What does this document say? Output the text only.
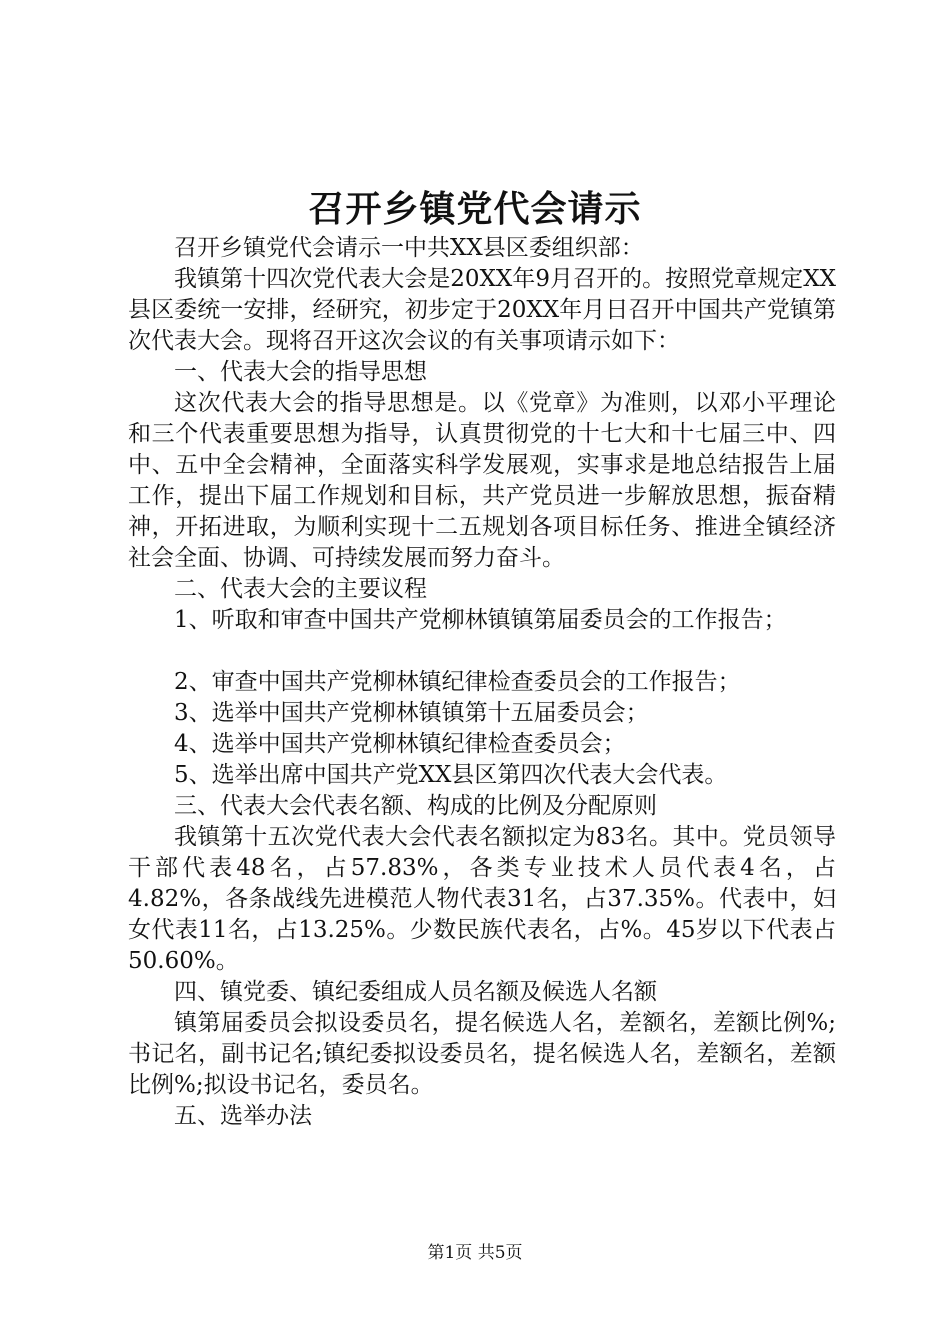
召开乡镇党代会请示

召开乡镇党代会请示一中共XX县区委组织部：

我镇第十四次党代表大会是20XX年9月召开的。按照党章规定XX县区委统一安排，经研究，初步定于20XX年月日召开中国共产党镇第次代表大会。现将召开这次会议的有关事项请示如下：

一、代表大会的指导思想

这次代表大会的指导思想是。以《党章》为准则，以邓小平理论和三个代表重要思想为指导，认真贯彻党的十七大和十七届三中、四中、五中全会精神，全面落实科学发展观，实事求是地总结报告上届工作，提出下届工作规划和目标，共产党员进一步解放思想，振奋精神，开拓进取，为顺利实现十二五规划各项目标任务、推进全镇经济社会全面、协调、可持续发展而努力奋斗。

二、代表大会的主要议程

1、听取和审查中国共产党柳林镇镇第届委员会的工作报告；

2、审查中国共产党柳林镇纪律检查委员会的工作报告；

3、选举中国共产党柳林镇镇第十五届委员会；

4、选举中国共产党柳林镇纪律检查委员会；

5、选举出席中国共产党XX县区第四次代表大会代表。

三、代表大会代表名额、构成的比例及分配原则

我镇第十五次党代表大会代表名额拟定为83名。其中。党员领导干部代表48名，占57.83%，各类专业技术人员代表4名，占4.82%，各条战线先进模范人物代表31名，占37.35%。代表中，妇女代表11名，占13.25%。少数民族代表名，占%。45岁以下代表占50.60%。

四、镇党委、镇纪委组成人员名额及候选人名额

镇第届委员会拟设委员名，提名候选人名，差额名，差额比例%;书记名，副书记名;镇纪委拟设委员名，提名候选人名，差额名，差额比例%;拟设书记名，委员名。

五、选举办法

第1页 共5页
